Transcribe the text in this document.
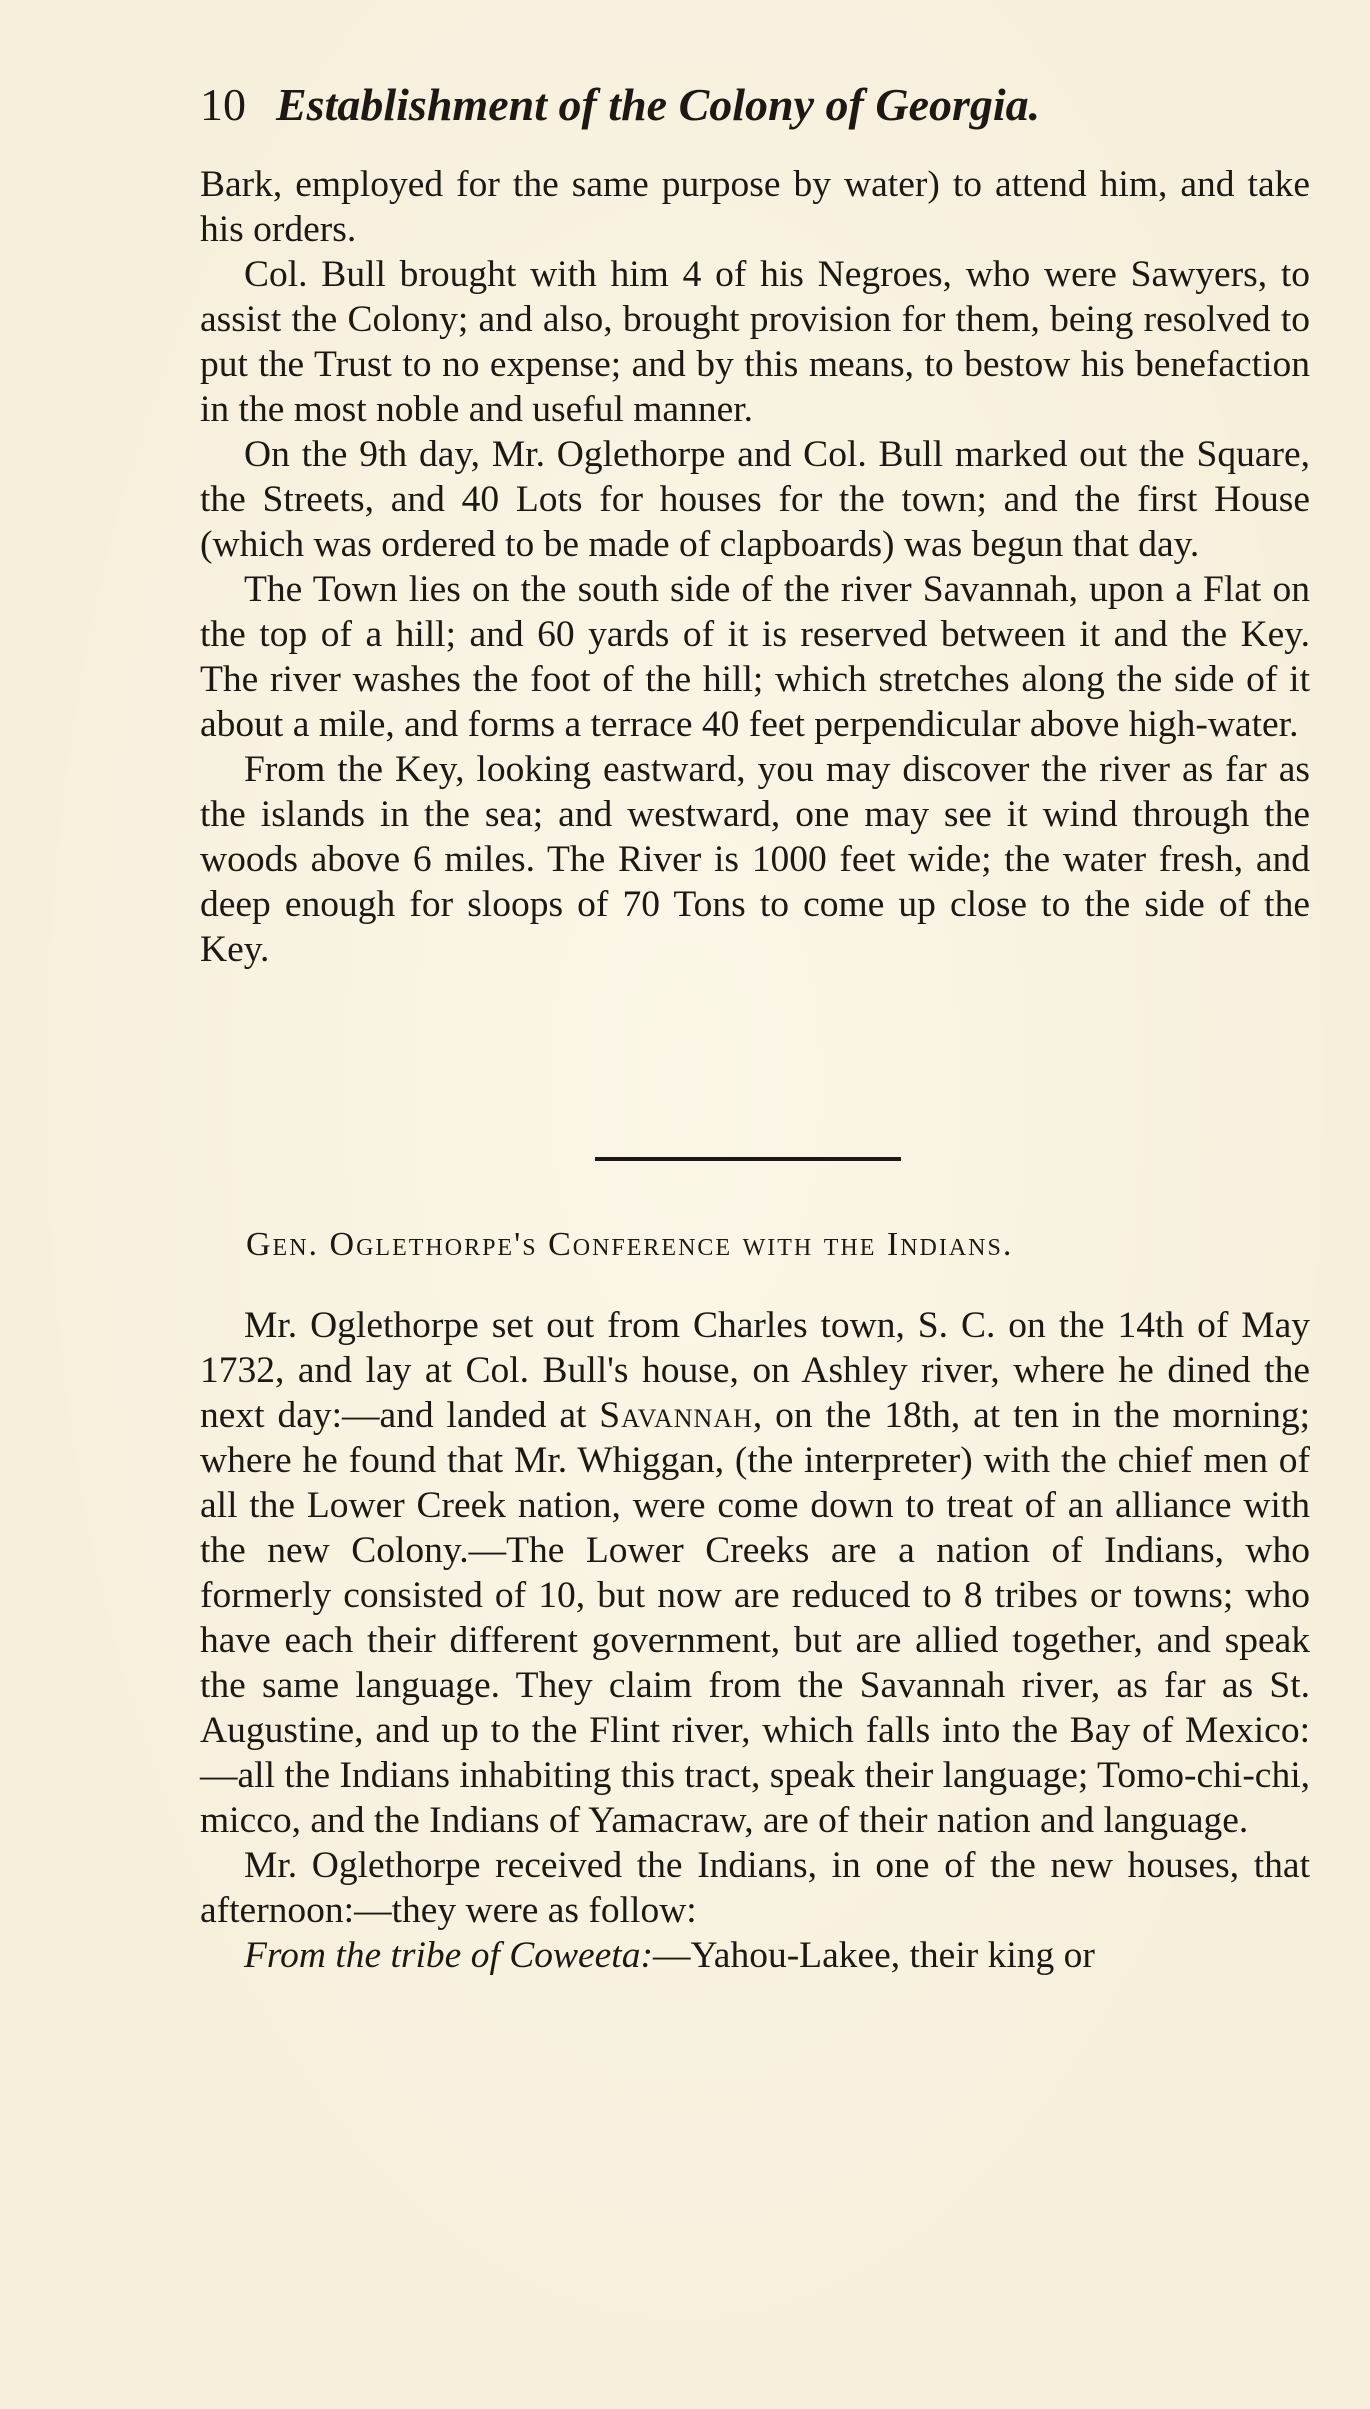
10 Establishment of the Colony of Georgia.

Bark, employed for the same purpose by water) to attend him, and take his orders.

Col. Bull brought with him 4 of his Negroes, who were Sawyers, to assist the Colony; and also, brought provision for them, being resolved to put the Trust to no expense; and by this means, to bestow his benefaction in the most noble and useful manner.

On the 9th day, Mr. Oglethorpe and Col. Bull marked out the Square, the Streets, and 40 Lots for houses for the town; and the first House (which was ordered to be made of clapboards) was begun that day.

The Town lies on the south side of the river Savannah, upon a Flat on the top of a hill; and 60 yards of it is reserved between it and the Key. The river washes the foot of the hill; which stretches along the side of it about a mile, and forms a terrace 40 feet perpendicular above high-water.

From the Key, looking eastward, you may discover the river as far as the islands in the sea; and westward, one may see it wind through the woods above 6 miles. The River is 1000 feet wide; the water fresh, and deep enough for sloops of 70 Tons to come up close to the side of the Key.

Gen. Oglethorpe's Conference with the Indians.

Mr. Oglethorpe set out from Charles town, S. C. on the 14th of May 1732, and lay at Col. Bull's house, on Ashley river, where he dined the next day:—and landed at Savannah, on the 18th, at ten in the morning; where he found that Mr. Whiggan, (the interpreter) with the chief men of all the Lower Creek nation, were come down to treat of an alliance with the new Colony.—The Lower Creeks are a nation of Indians, who formerly consisted of 10, but now are reduced to 8 tribes or towns; who have each their different government, but are allied together, and speak the same language. They claim from the Savannah river, as far as St. Augustine, and up to the Flint river, which falls into the Bay of Mexico:—all the Indians inhabiting this tract, speak their language; Tomo-chi-chi, micco, and the Indians of Yamacraw, are of their nation and language.

Mr. Oglethorpe received the Indians, in one of the new houses, that afternoon:—they were as follow:

From the tribe of Coweeta:—Yahou-Lakee, their king or
